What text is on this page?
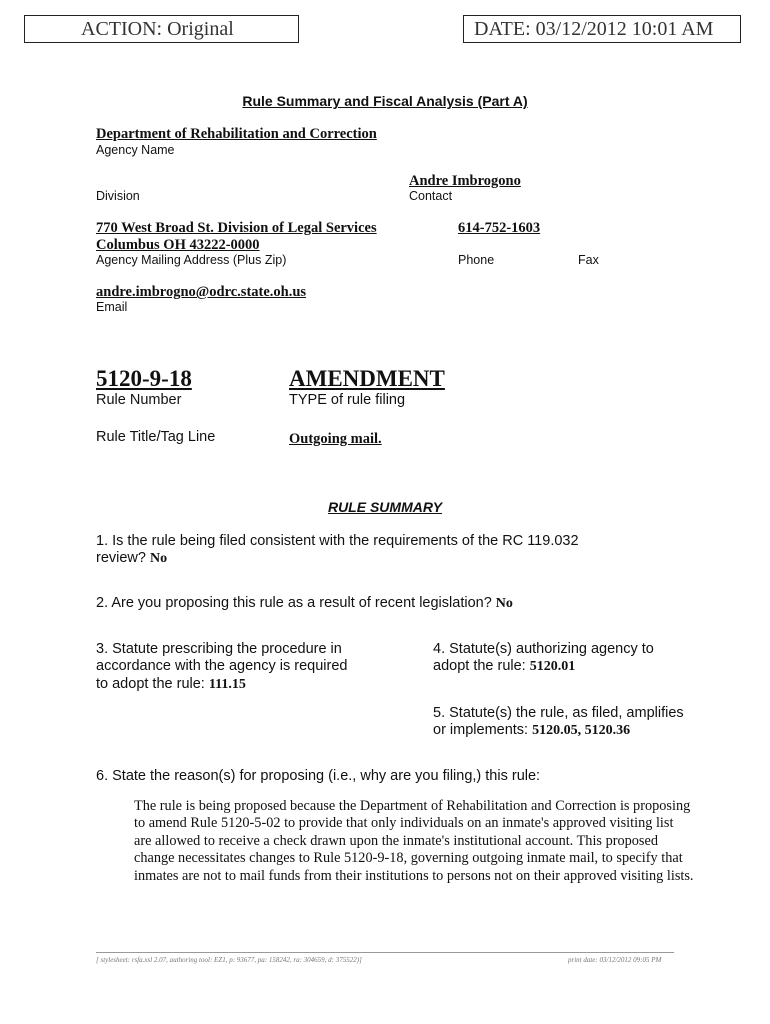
ACTION: Original	DATE: 03/12/2012 10:01 AM
Rule Summary and Fiscal Analysis (Part A)
Department of Rehabilitation and Correction
Agency Name
Andre Imbrogono
Division	Contact
770 West Broad St. Division of Legal Services	614-752-1603
Columbus OH 43222-0000
Agency Mailing Address (Plus Zip)	Phone	Fax
andre.imbrogno@odrc.state.oh.us
Email
5120-9-18	AMENDMENT
Rule Number	TYPE of rule filing
Rule Title/Tag Line	Outgoing mail.
RULE SUMMARY
1. Is the rule being filed consistent with the requirements of the RC 119.032
review? No
2. Are you proposing this rule as a result of recent legislation? No
3. Statute prescribing the procedure in
accordance with the agency is required
to adopt the rule: 111.15
4. Statute(s) authorizing agency to
adopt the rule: 5120.01
5. Statute(s) the rule, as filed, amplifies
or implements: 5120.05, 5120.36
6. State the reason(s) for proposing (i.e., why are you filing,) this rule:
The rule is being proposed because the Department of Rehabilitation and Correction is proposing to amend Rule 5120-5-02 to provide that only individuals on an inmate's approved visiting list are allowed to receive a check drawn upon the inmate's institutional account. This proposed change necessitates changes to Rule 5120-9-18, governing outgoing inmate mail, to specify that inmates are not to mail funds from their institutions to persons not on their approved visiting lists.
[ stylesheet: rsfa.xsl 2.07, authoring tool: EZ1, p: 93677, pa: 158242, ra: 304659, d: 375522)]	print date: 03/12/2012 09:05 PM
